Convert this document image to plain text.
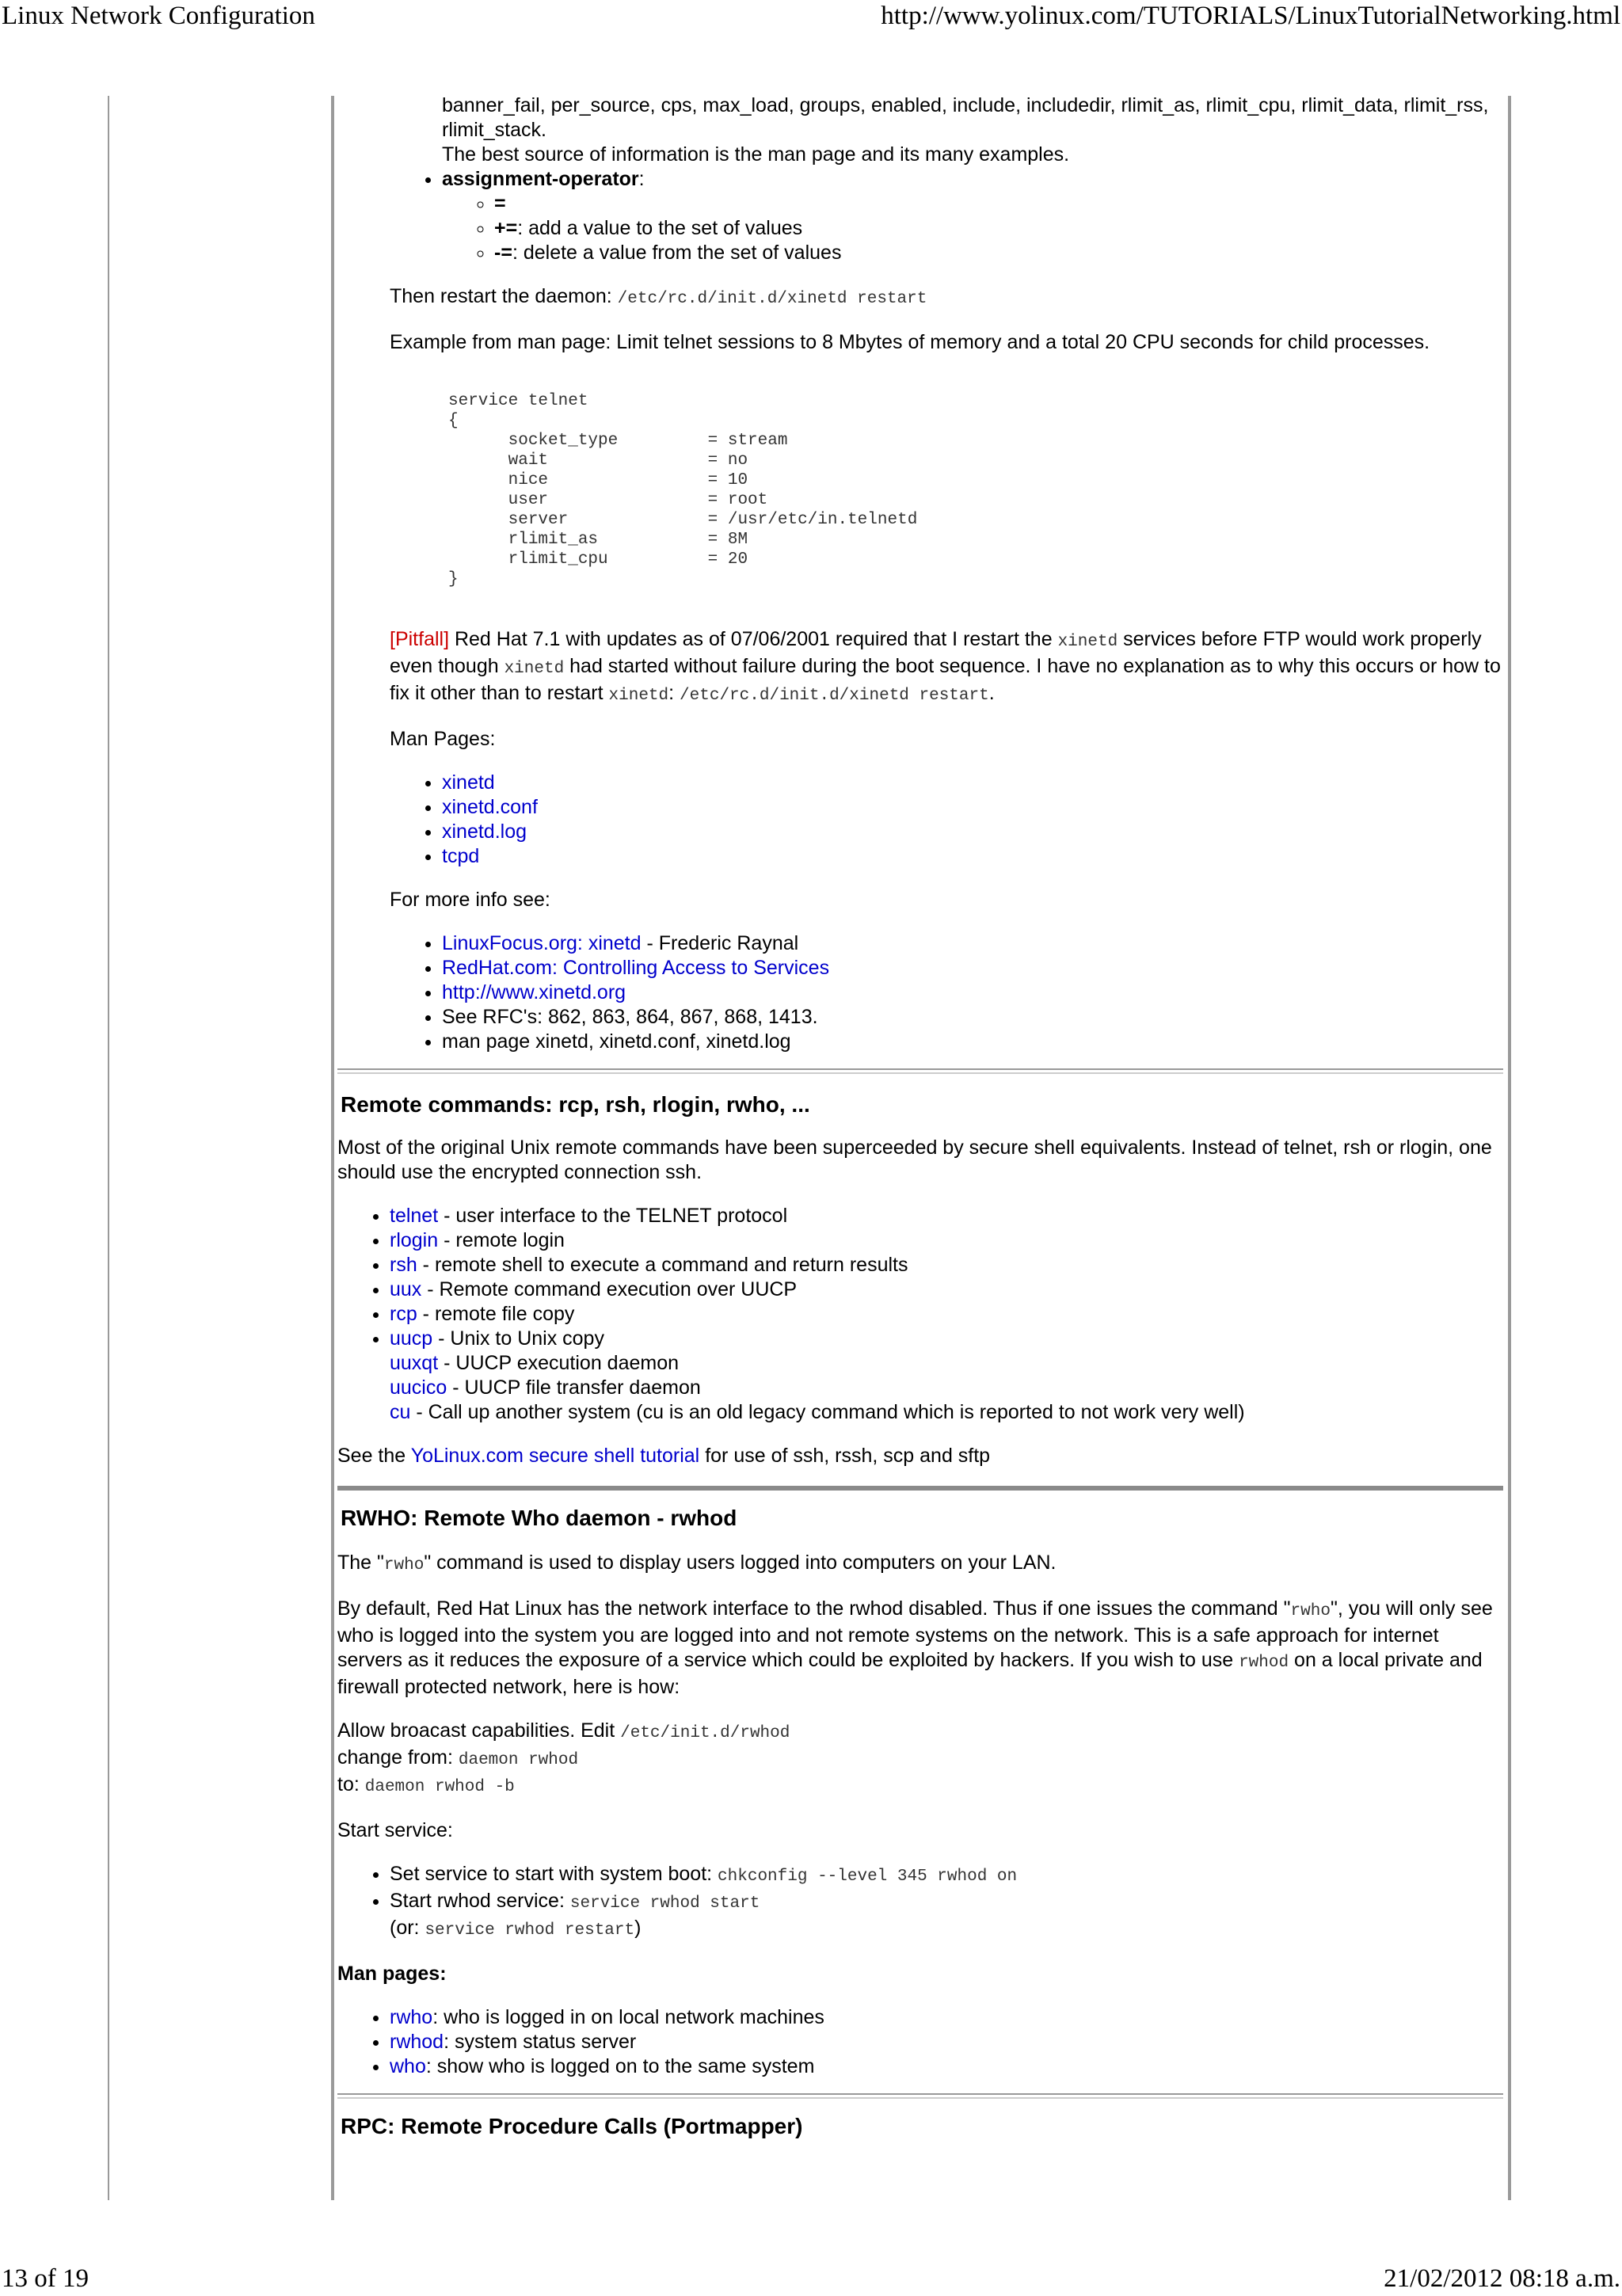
Linux Network Configuration	http://www.yolinux.com/TUTORIALS/LinuxTutorialNetworking.html

banner_fail, per_source, cps, max_load, groups, enabled, include, includedir, rlimit_as, rlimit_cpu, rlimit_data, rlimit_rss, rlimit_stack.

The best source of information is the man page and its many examples.

• assignment-operator:
◦ =
◦ +=: add a value to the set of values
◦ -=: delete a value from the set of values

Then restart the daemon: /etc/rc.d/init.d/xinetd restart

Example from man page: Limit telnet sessions to 8 Mbytes of memory and a total 20 CPU seconds for child processes.

service telnet
{
socket_type         = stream
wait                = no
nice                = 10
user                = root
server              = /usr/etc/in.telnetd
rlimit_as           = 8M
rlimit_cpu          = 20
}

[Pitfall] Red Hat 7.1 with updates as of 07/06/2001 required that I restart the xinetd services before FTP would work properly even though xinetd had started without failure during the boot sequence. I have no explanation as to why this occurs or how to fix it other than to restart xinetd: /etc/rc.d/init.d/xinetd restart.

Man Pages:

• xinetd
• xinetd.conf
• xinetd.log
• tcpd

For more info see:

• LinuxFocus.org: xinetd - Frederic Raynal
• RedHat.com: Controlling Access to Services
• http://www.xinetd.org
• See RFC's: 862, 863, 864, 867, 868, 1413.
• man page xinetd, xinetd.conf, xinetd.log
Remote commands: rcp, rsh, rlogin, rwho, ...

Most of the original Unix remote commands have been superceeded by secure shell equivalents. Instead of telnet, rsh or rlogin, one should use the encrypted connection ssh.

• telnet - user interface to the TELNET protocol
• rlogin - remote login
• rsh - remote shell to execute a command and return results
• uux - Remote command execution over UUCP
• rcp - remote file copy
• uucp - Unix to Unix copy
uuxqt - UUCP execution daemon
uucico - UUCP file transfer daemon
cu - Call up another system (cu is an old legacy command which is reported to not work very well)

See the YoLinux.com secure shell tutorial for use of ssh, rssh, scp and sftp

RWHO: Remote Who daemon - rwhod

The "rwho" command is used to display users logged into computers on your LAN.

By default, Red Hat Linux has the network interface to the rwhod disabled. Thus if one issues the command "rwho", you will only see who is logged into the system you are logged into and not remote systems on the network. This is a safe approach for internet servers as it reduces the exposure of a service which could be exploited by hackers. If you wish to use rwhod on a local private and firewall protected network, here is how:

Allow broacast capabilities. Edit /etc/init.d/rwhod
change from: daemon rwhod
to: daemon rwhod -b

Start service:

• Set service to start with system boot: chkconfig --level 345 rwhod on
• Start rwhod service: service rwhod start
(or: service rwhod restart)

Man pages:

• rwho: who is logged in on local network machines
• rwhod: system status server
• who: show who is logged on to the same system
RPC: Remote Procedure Calls (Portmapper)
13 of 19	21/02/2012 08:18 a.m.
